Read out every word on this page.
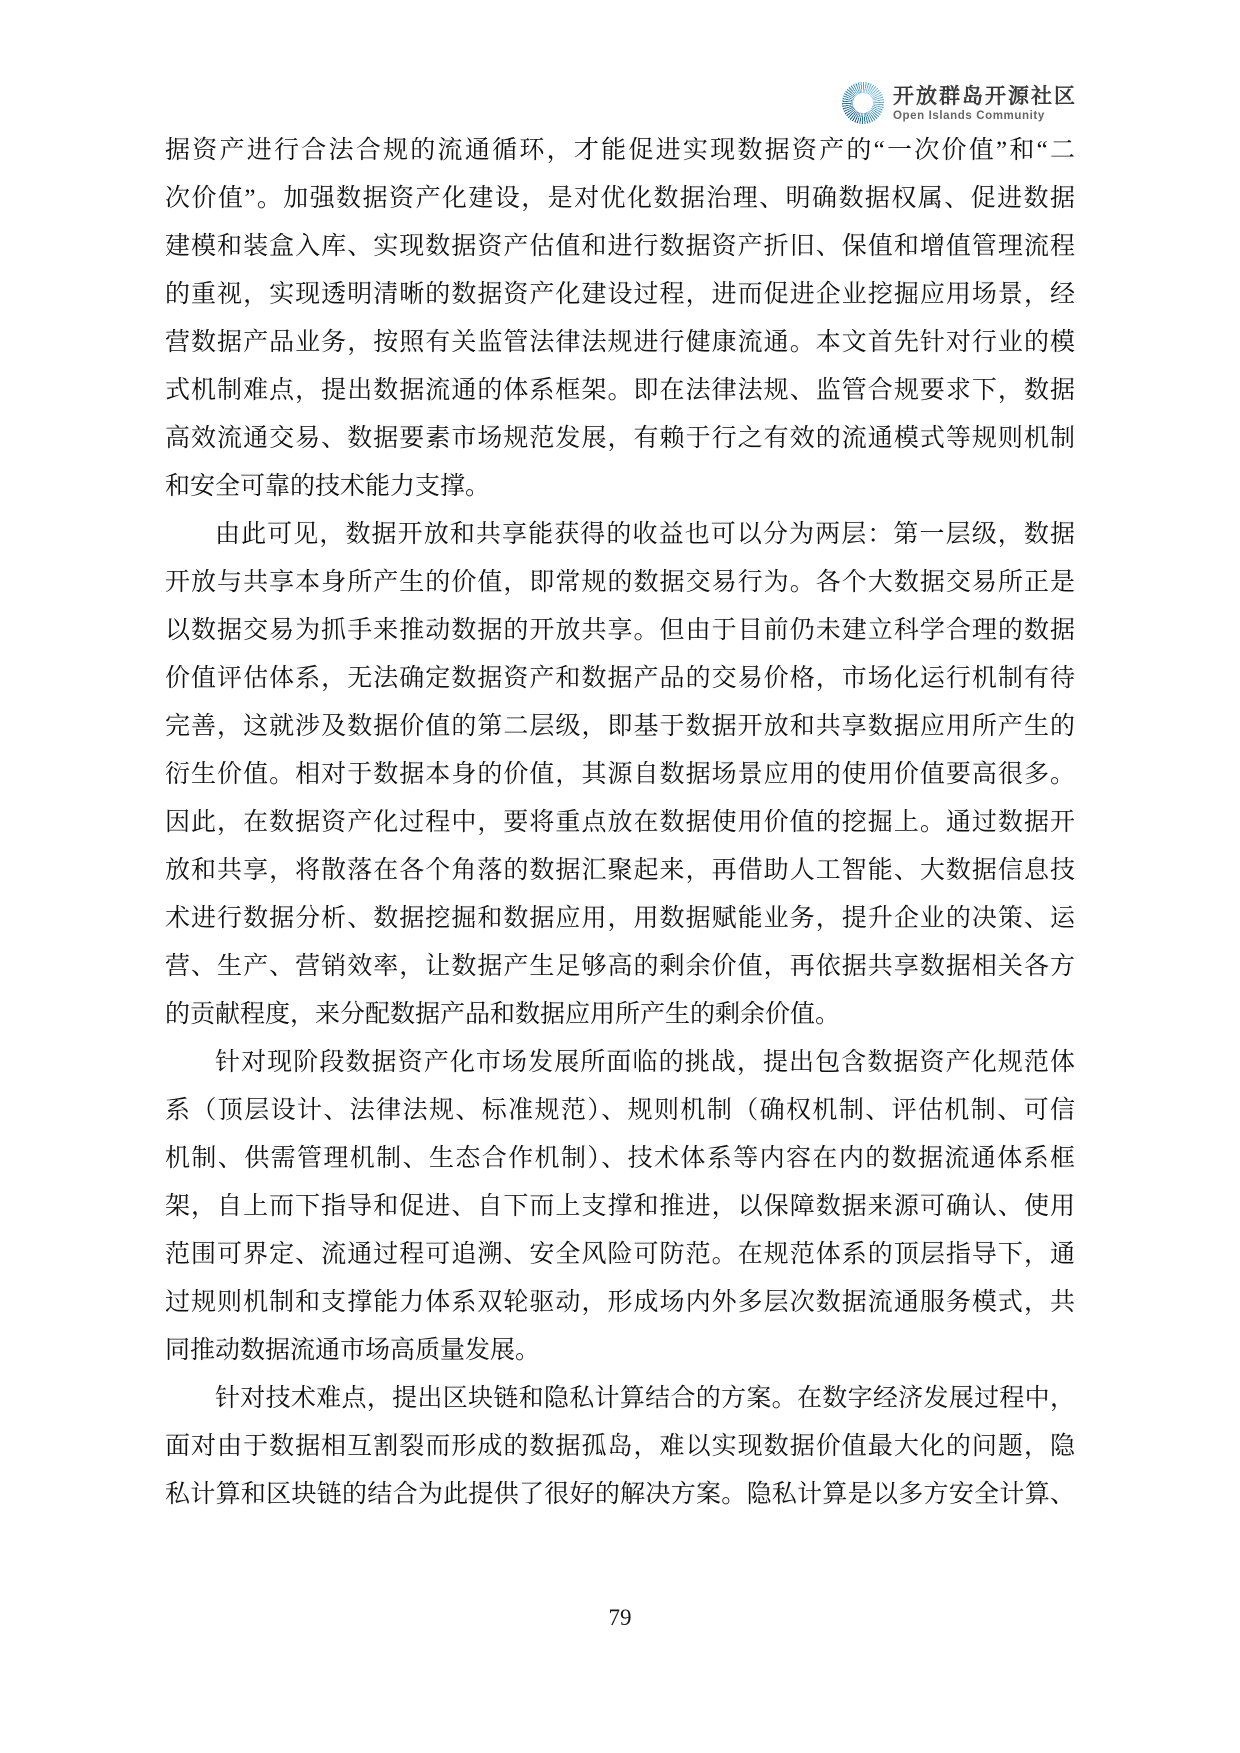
开放群岛开源社区
Open Islands Community
据资产进行合法合规的流通循环，才能促进实现数据资产的“一次价值”和“二
次价值”。加强数据资产化建设，是对优化数据治理、明确数据权属、促进数据
建模和装盒入库、实现数据资产估值和进行数据资产折旧、保值和增值管理流程
的重视，实现透明清晰的数据资产化建设过程，进而促进企业挖掘应用场景，经
营数据产品业务，按照有关监管法律法规进行健康流通。本文首先针对行业的模
式机制难点，提出数据流通的体系框架。即在法律法规、监管合规要求下，数据
高效流通交易、数据要素市场规范发展，有赖于行之有效的流通模式等规则机制
和安全可靠的技术能力支撑。
由此可见，数据开放和共享能获得的收益也可以分为两层：第一层级，数据
开放与共享本身所产生的价值，即常规的数据交易行为。各个大数据交易所正是
以数据交易为抓手来推动数据的开放共享。但由于目前仍未建立科学合理的数据
价值评估体系，无法确定数据资产和数据产品的交易价格，市场化运行机制有待
完善，这就涉及数据价值的第二层级，即基于数据开放和共享数据应用所产生的
衍生价值。相对于数据本身的价值，其源自数据场景应用的使用价值要高很多。
因此，在数据资产化过程中，要将重点放在数据使用价值的挖掘上。通过数据开
放和共享，将散落在各个角落的数据汇聚起来，再借助人工智能、大数据信息技
术进行数据分析、数据挖掘和数据应用，用数据赋能业务，提升企业的决策、运
营、生产、营销效率，让数据产生足够高的剩余价值，再依据共享数据相关各方
的贡献程度，来分配数据产品和数据应用所产生的剩余价值。
针对现阶段数据资产化市场发展所面临的挑战，提出包含数据资产化规范体
系（顶层设计、法律法规、标准规范）、规则机制（确权机制、评估机制、可信
机制、供需管理机制、生态合作机制）、技术体系等内容在内的数据流通体系框
架，自上而下指导和促进、自下而上支撑和推进，以保障数据来源可确认、使用
范围可界定、流通过程可追溯、安全风险可防范。在规范体系的顶层指导下，通
过规则机制和支撑能力体系双轮驱动，形成场内外多层次数据流通服务模式，共
同推动数据流通市场高质量发展。
针对技术难点，提出区块链和隐私计算结合的方案。在数字经济发展过程中，
面对由于数据相互割裂而形成的数据孤岛，难以实现数据价值最大化的问题，隐
私计算和区块链的结合为此提供了很好的解决方案。隐私计算是以多方安全计算、
79
